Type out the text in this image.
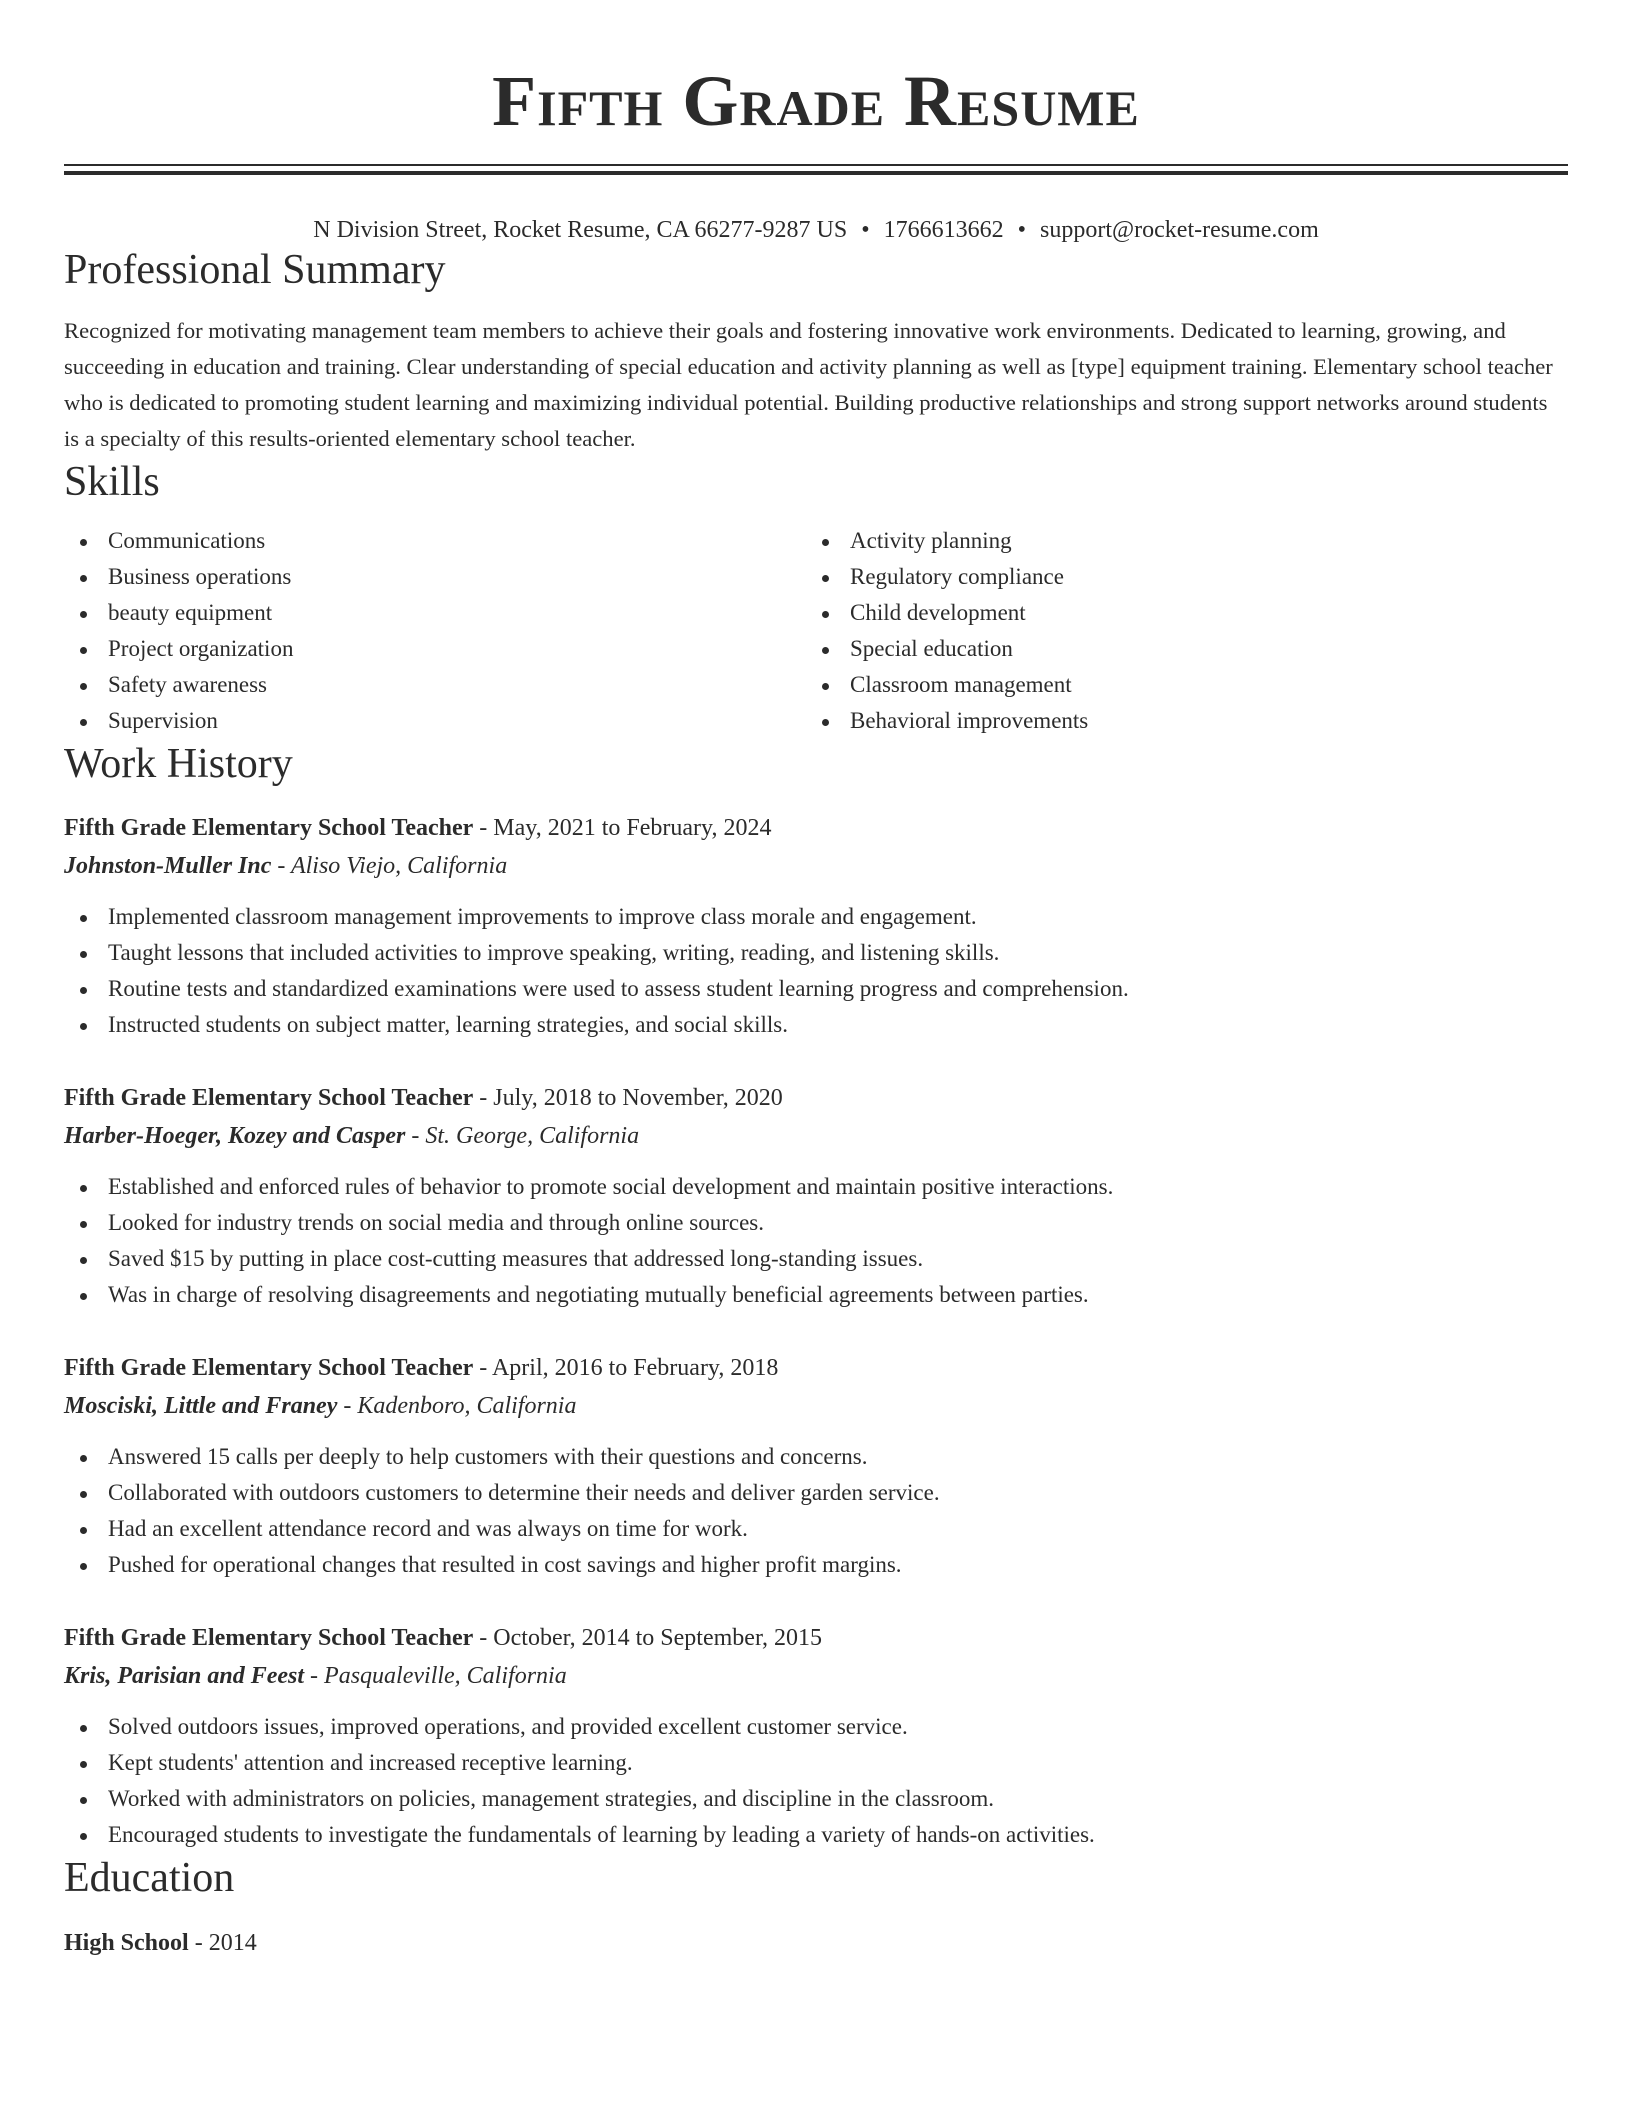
Fifth Grade Resume
N Division Street, Rocket Resume, CA 66277-9287 US • 1766613662 • support@rocket-resume.com
Professional Summary

Recognized for motivating management team members to achieve their goals and fostering innovative work environments. Dedicated to learning, growing, and succeeding in education and training. Clear understanding of special education and activity planning as well as [type] equipment training. Elementary school teacher who is dedicated to promoting student learning and maximizing individual potential. Building productive relationships and strong support networks around students is a specialty of this results-oriented elementary school teacher.

Skills
Communications
Business operations
beauty equipment
Project organization
Safety awareness
Supervision
Activity planning
Regulatory compliance
Child development
Special education
Classroom management
Behavioral improvements
Work History
Fifth Grade Elementary School Teacher - May, 2021 to February, 2024
Johnston-Muller Inc - Aliso Viejo, California
Implemented classroom management improvements to improve class morale and engagement.
Taught lessons that included activities to improve speaking, writing, reading, and listening skills.
Routine tests and standardized examinations were used to assess student learning progress and comprehension.
Instructed students on subject matter, learning strategies, and social skills.
Fifth Grade Elementary School Teacher - July, 2018 to November, 2020
Harber-Hoeger, Kozey and Casper - St. George, California
Established and enforced rules of behavior to promote social development and maintain positive interactions.
Looked for industry trends on social media and through online sources.
Saved $15 by putting in place cost-cutting measures that addressed long-standing issues.
Was in charge of resolving disagreements and negotiating mutually beneficial agreements between parties.
Fifth Grade Elementary School Teacher - April, 2016 to February, 2018
Mosciski, Little and Franey - Kadenboro, California
Answered 15 calls per deeply to help customers with their questions and concerns.
Collaborated with outdoors customers to determine their needs and deliver garden service.
Had an excellent attendance record and was always on time for work.
Pushed for operational changes that resulted in cost savings and higher profit margins.
Fifth Grade Elementary School Teacher - October, 2014 to September, 2015
Kris, Parisian and Feest - Pasqualeville, California
Solved outdoors issues, improved operations, and provided excellent customer service.
Kept students' attention and increased receptive learning.
Worked with administrators on policies, management strategies, and discipline in the classroom.
Encouraged students to investigate the fundamentals of learning by leading a variety of hands-on activities.
Education
High School - 2014
